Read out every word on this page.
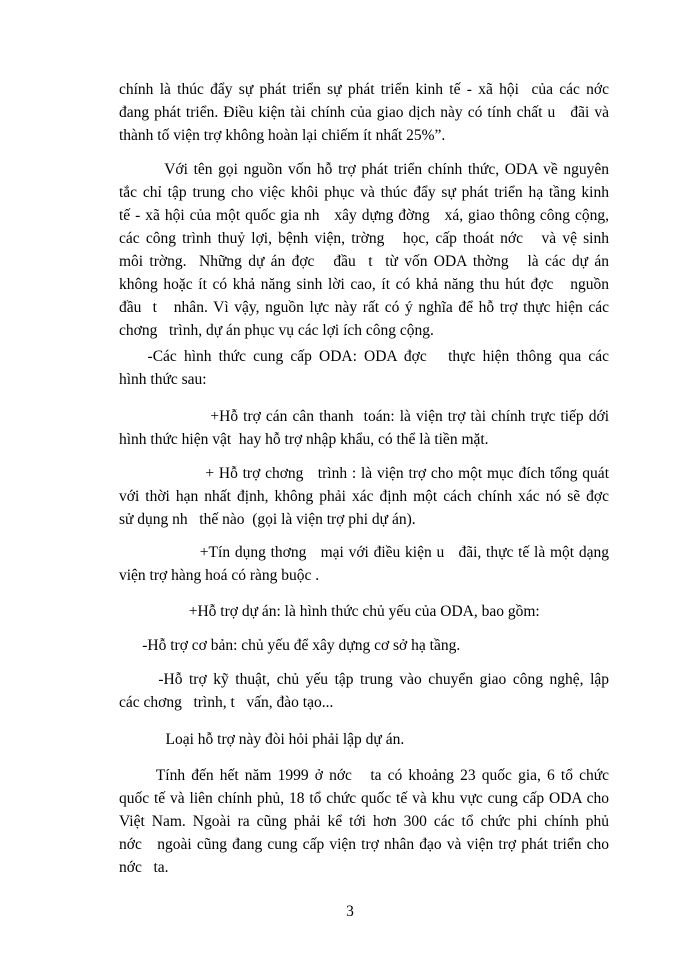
chính là thúc đẩy sự phát triển sự phát triển kinh tế - xã hội  của các nớc
đang phát triển. Điều kiện tài chính của giao dịch này có tính chất u   đãi và
thành tố viện trợ không hoàn lại chiếm ít nhất 25%”.

Với tên gọi nguồn vốn hỗ trợ phát triển chính thức, ODA về nguyên
tắc chỉ tập trung cho việc khôi phục và thúc đẩy sự phát triển hạ tầng kinh
tế - xã hội của một quốc gia nh   xây dựng đờng   xá, giao thông công cộng,
các công trình thuỷ lợi, bệnh viện, trờng   học, cấp thoát nớc   và vệ sinh
môi trờng.  Những dự án đợc   đầu  t  từ vốn ODA thờng   là các dự án
không hoặc ít có khả năng sinh lời cao, ít có khả năng thu hút đợc   nguồn
đầu  t   nhân. Vì vậy, nguồn lực này rất có ý nghĩa để hỗ trợ thực hiện các
chơng   trình, dự án phục vụ các lợi ích công cộng.

-Các hình thức cung cấp ODA: ODA đợc   thực hiện thông qua các
hình thức sau:

+Hỗ trợ cán cân thanh  toán: là viện trợ tài chính trực tiếp dới
hình thức hiện vật  hay hỗ trợ nhập khẩu, có thể là tiền mặt.

+ Hỗ trợ chơng   trình : là viện trợ cho một mục đích tổng quát
với thời hạn nhất định, không phải xác định một cách chính xác nó sẽ đợc
sử dụng nh   thế nào  (gọi là viện trợ phi dự án).

+Tín dụng thơng   mại với điều kiện u   đãi, thực tế là một dạng
viện trợ hàng hoá có ràng buộc .

+Hỗ trợ dự án: là hình thức chủ yếu của ODA, bao gồm:

-Hỗ trợ cơ bản: chủ yếu để xây dựng cơ sở hạ tầng.

-Hỗ trợ kỹ thuật, chủ yếu tập trung vào chuyển giao công nghệ, lập
các chơng   trình, t   vấn, đào tạo...

Loại hỗ trợ này đòi hỏi phải lập dự án.

Tính đến hết năm 1999 ở nớc   ta có khoảng 23 quốc gia, 6 tổ chức
quốc tế và liên chính phủ, 18 tổ chức quốc tế và khu vực cung cấp ODA cho
Việt Nam. Ngoài ra cũng phải kể tới hơn 300 các tổ chức phi chính phủ
nớc   ngoài cũng đang cung cấp viện trợ nhân đạo và viện trợ phát triển cho
nớc   ta.

3
